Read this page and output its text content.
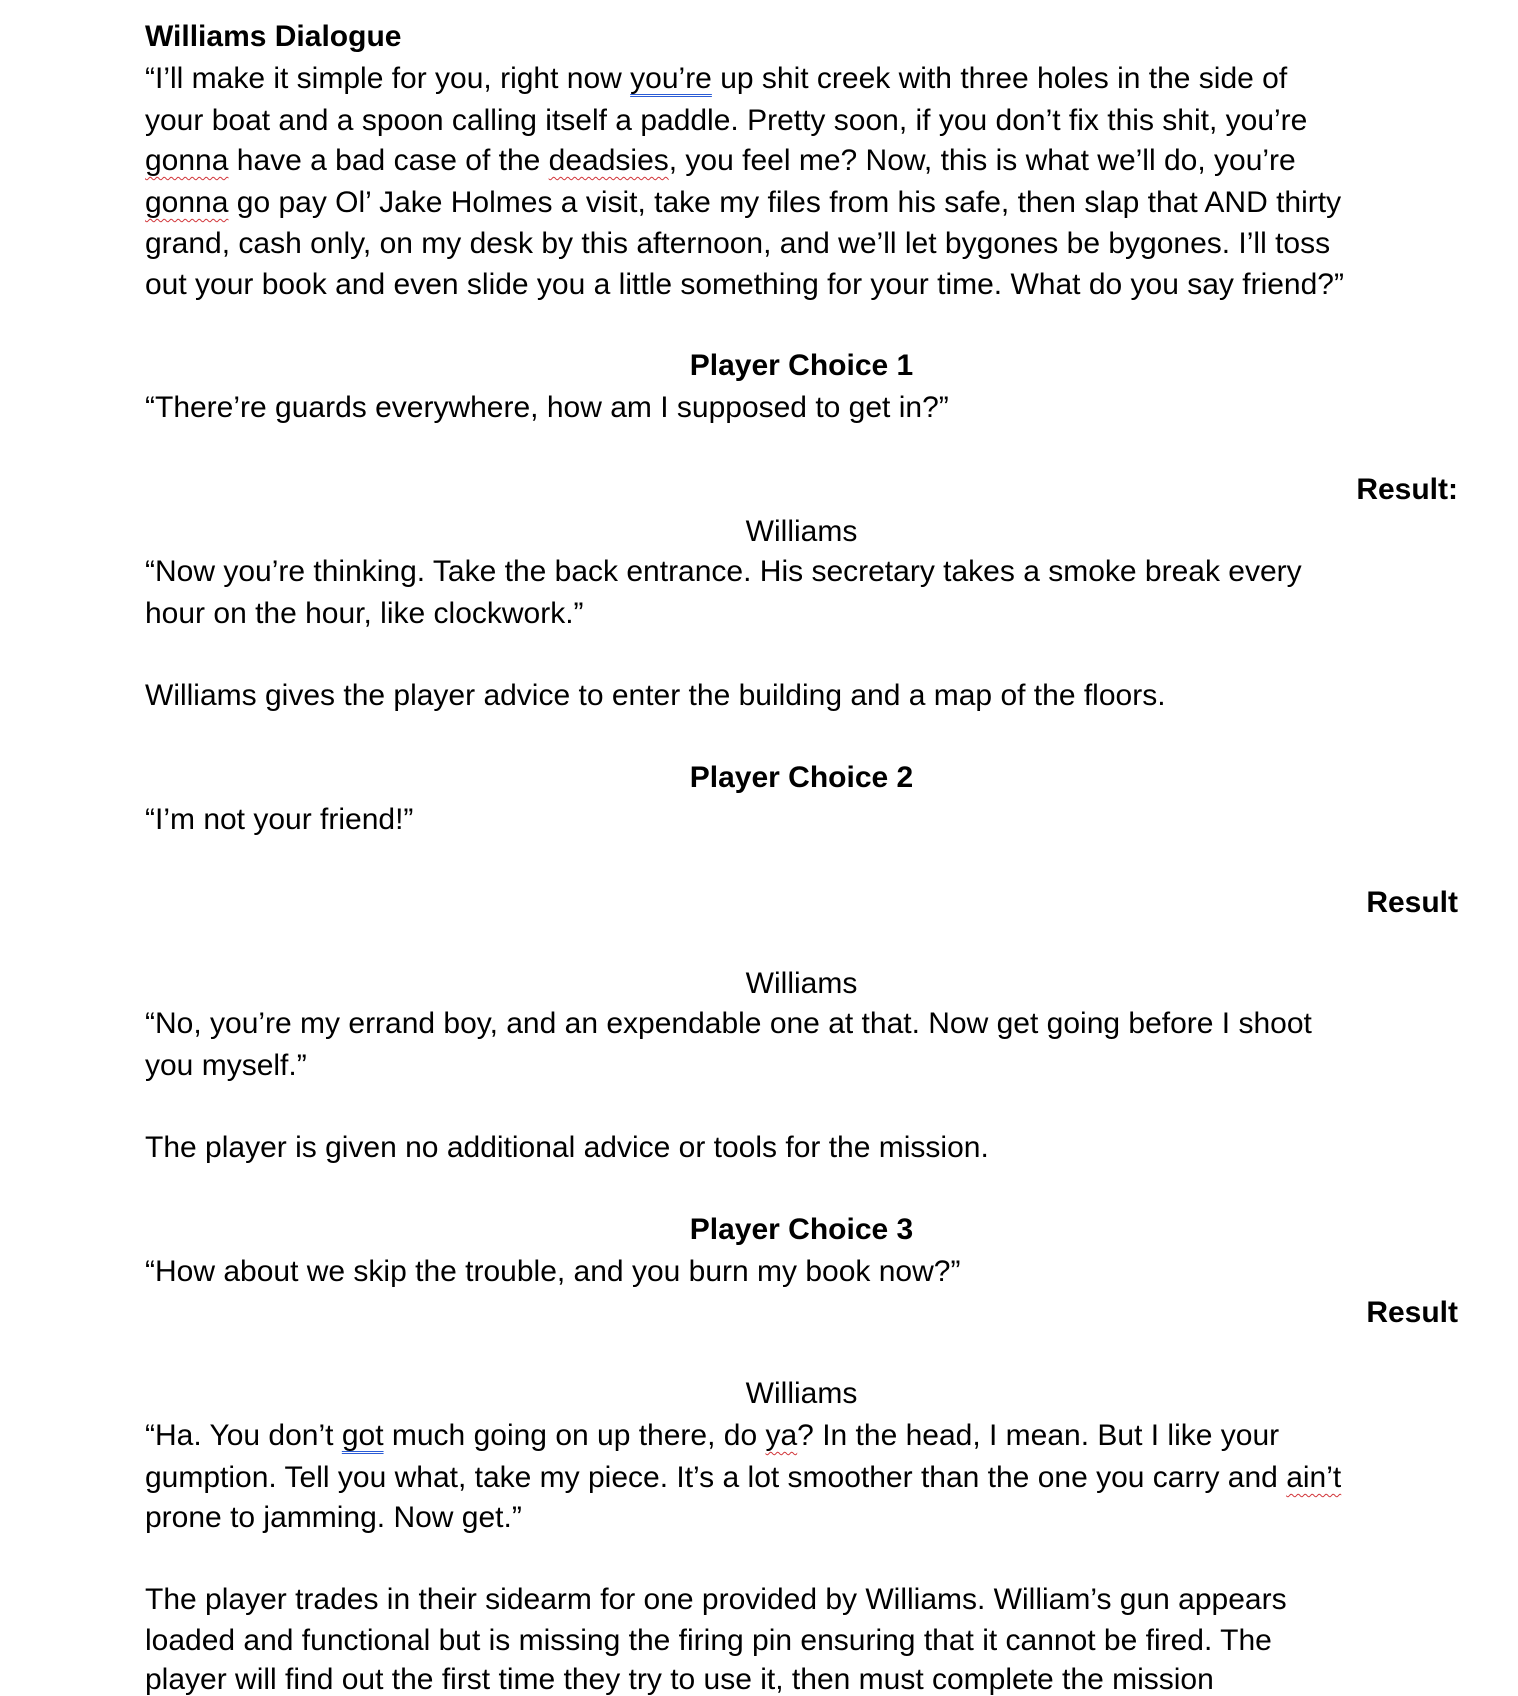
Williams Dialogue
“I’ll make it simple for you, right now you’re up shit creek with three holes in the side of
your boat and a spoon calling itself a paddle. Pretty soon, if you don’t fix this shit, you’re
gonna have a bad case of the deadsies, you feel me? Now, this is what we’ll do, you’re
gonna go pay Ol’ Jake Holmes a visit, take my files from his safe, then slap that AND thirty
grand, cash only, on my desk by this afternoon, and we’ll let bygones be bygones. I’ll toss
out your book and even slide you a little something for your time. What do you say friend?”
Player Choice 1
“There’re guards everywhere, how am I supposed to get in?”
Result:
Williams
“Now you’re thinking. Take the back entrance. His secretary takes a smoke break every
hour on the hour, like clockwork.”
Williams gives the player advice to enter the building and a map of the floors.
Player Choice 2
“I’m not your friend!”
Result
Williams
“No, you’re my errand boy, and an expendable one at that. Now get going before I shoot
you myself.”
The player is given no additional advice or tools for the mission.
Player Choice 3
“How about we skip the trouble, and you burn my book now?”
Result
Williams
“Ha. You don’t got much going on up there, do ya? In the head, I mean. But I like your
gumption. Tell you what, take my piece. It’s a lot smoother than the one you carry and ain’t
prone to jamming. Now get.”
The player trades in their sidearm for one provided by Williams. William’s gun appears
loaded and functional but is missing the firing pin ensuring that it cannot be fired. The
player will find out the first time they try to use it, then must complete the mission
